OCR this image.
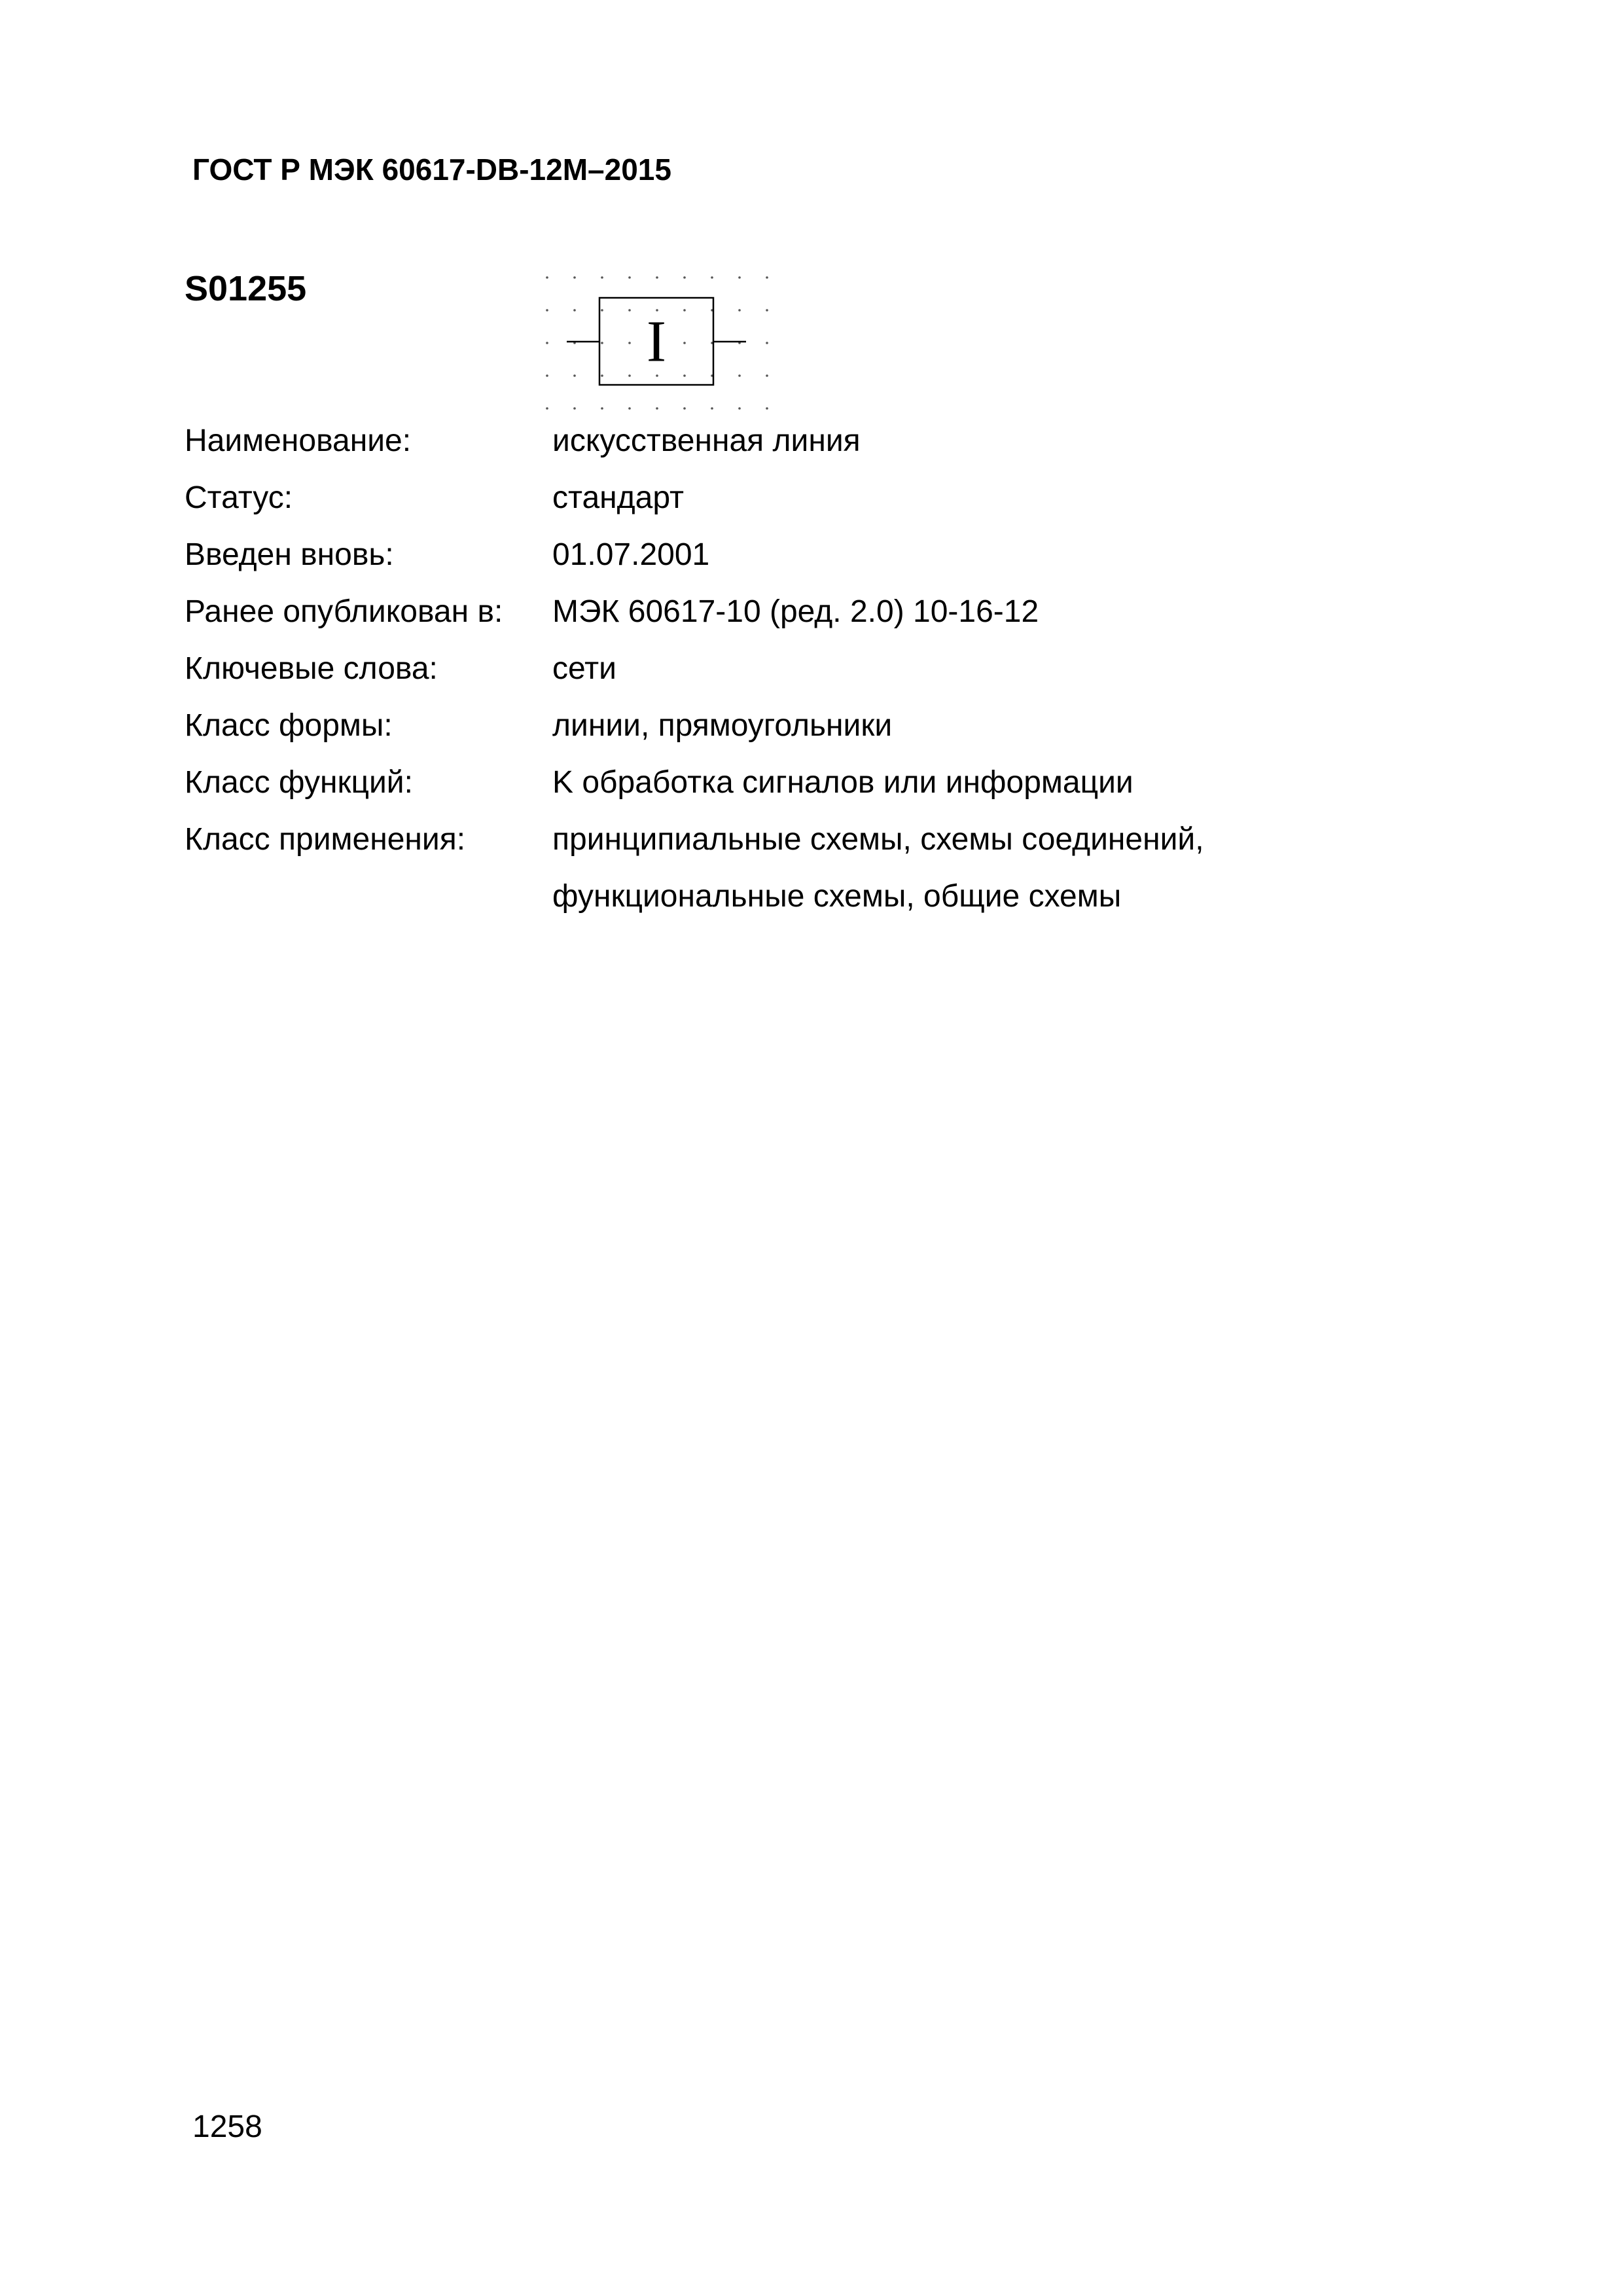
ГОСТ Р МЭК 60617-DB-12M–2015
S01255
I
Наименование:	искусственная линия
Статус:	стандарт
Введен вновь:	01.07.2001
Ранее опубликован в: МЭК 60617-10 (ред. 2.0) 10-16-12
Ключевые слова:	сети
Класс формы:	линии, прямоугольники
Класс функций:	K обработка сигналов или информации
Класс применения:	принципиальные схемы, схемы соединений,
функциональные схемы, общие схемы
1258
